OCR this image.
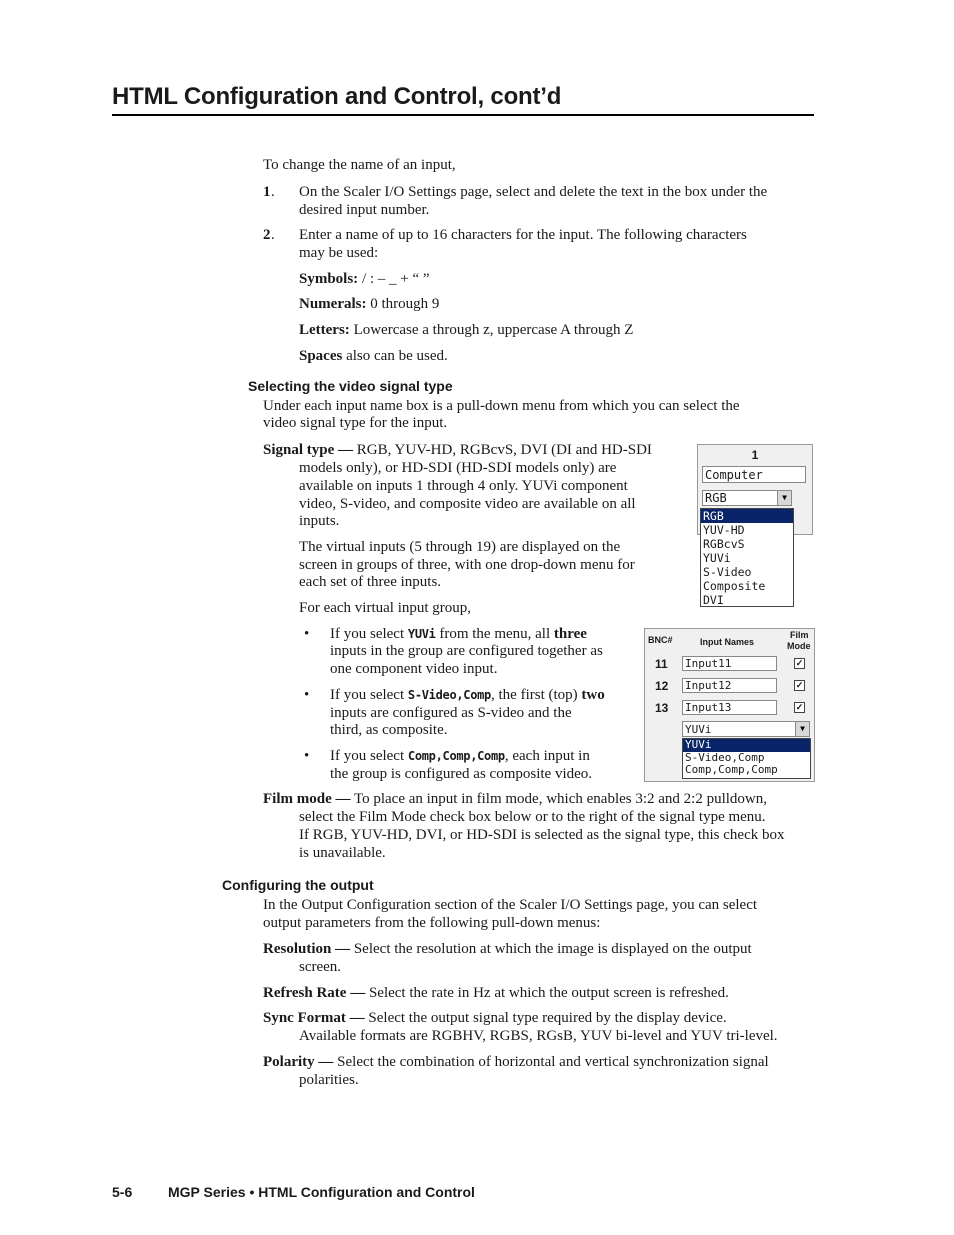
HTML Configuration and Control, cont’d
To change the name of an input,
1 . On the Scaler I/O Settings page, select and delete the text in the box under the
desired input number.
2 . Enter a name of up to 16 characters for the input. The following characters
may be used:
Symbols: / : – _ + “ ”
Numerals: 0 through 9
Letters: Lowercase a through z, uppercase A through Z
Spaces also can be used.
Selecting the video signal type
Under each input name box is a pull-down menu from which you can select the
video signal type for the input.
Signal type — RGB, YUV-HD, RGBcvS, DVI (DI and HD-SDI
models only), or HD-SDI (HD-SDI models only) are
available on inputs 1 through 4 only. YUVi component
video, S-video, and composite video are available on all
inputs.
The virtual inputs (5 through 19) are displayed on the
screen in groups of three, with one drop-down menu for
each set of three inputs.
For each virtual input group,
• If you select YUVi from the menu, all three
inputs in the group are configured together as
one component video input.
• If you select S-Video,Comp, the first (top) two
inputs are configured as S-video and the
third, as composite.
• If you select Comp,Comp,Comp, each input in
the group is configured as composite video.
Film mode — To place an input in film mode, which enables 3:2 and 2:2 pulldown,
select the Film Mode check box below or to the right of the signal type menu.
If RGB, YUV-HD, DVI, or HD-SDI is selected as the signal type, this check box
is unavailable.
1
Computer
RGB	▼
RGB
YUV-HD
RGBcvS
YUVi
S-Video
Composite
DVI
BNC#	Input Names
Film
Mode
11 Input11	✓
12 Input12	✓
13 Input13	✓
YUVi	▼
YUVi
S-Video,Comp
Comp,Comp,Comp
Configuring the output
In the Output Configuration section of the Scaler I/O Settings page, you can select
output parameters from the following pull-down menus:
Resolution — Select the resolution at which the image is displayed on the output
screen.
Refresh Rate — Select the rate in Hz at which the output screen is refreshed.
Sync Format — Select the output signal type required by the display device.
Available formats are RGBHV, RGBS, RGsB, YUV bi-level and YUV tri-level.
Polarity — Select the combination of horizontal and vertical synchronization signal
polarities.
5-6	MGP Series • HTML Configuration and Control
